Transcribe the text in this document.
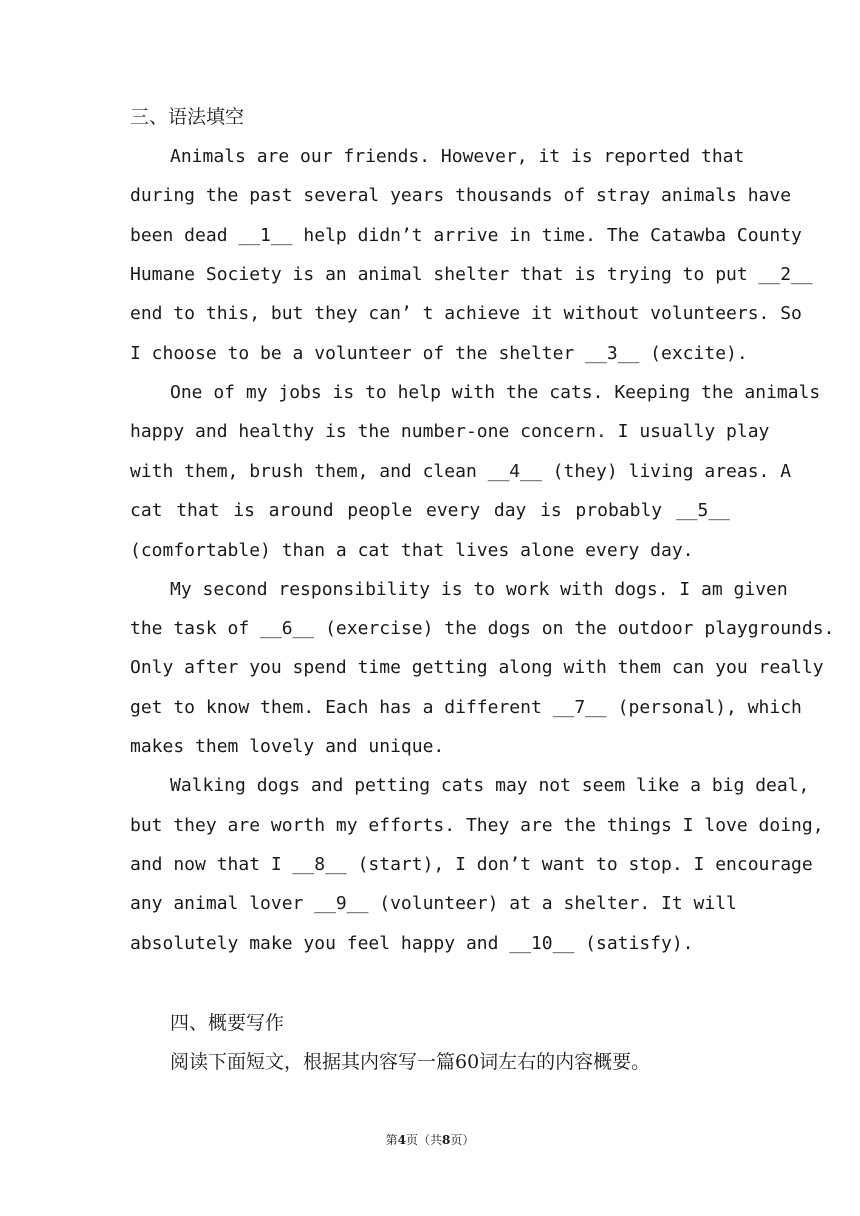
三、语法填空
Animals are our friends. However, it is reported that
during the past several years thousands of stray animals have
been dead __1__ help didn’t arrive in time. The Catawba County
Humane Society is an animal shelter that is trying to put __2__
end to this, but they can’ t achieve it without volunteers. So
I choose to be a volunteer of the shelter __3__ (excite).
One of my jobs is to help with the cats. Keeping the animals
happy and healthy is the number-one concern. I usually play
with them, brush them, and clean __4__ (they) living areas. A
cat that is around people every day is probably __5__
(comfortable) than a cat that lives alone every day.
My second responsibility is to work with dogs. I am given
the task of __6__ (exercise) the dogs on the outdoor playgrounds.
Only after you spend time getting along with them can you really
get to know them. Each has a different __7__ (personal), which
makes them lovely and unique.
Walking dogs and petting cats may not seem like a big deal,
but they are worth my efforts. They are the things I love doing,
and now that I __8__ (start), I don’t want to stop. I encourage
any animal lover __9__ (volunteer) at a shelter. It will
absolutely make you feel happy and __10__ (satisfy).
四、概要写作
阅读下面短文，根据其内容写一篇60词左右的内容概要。
第4页（共8页）
